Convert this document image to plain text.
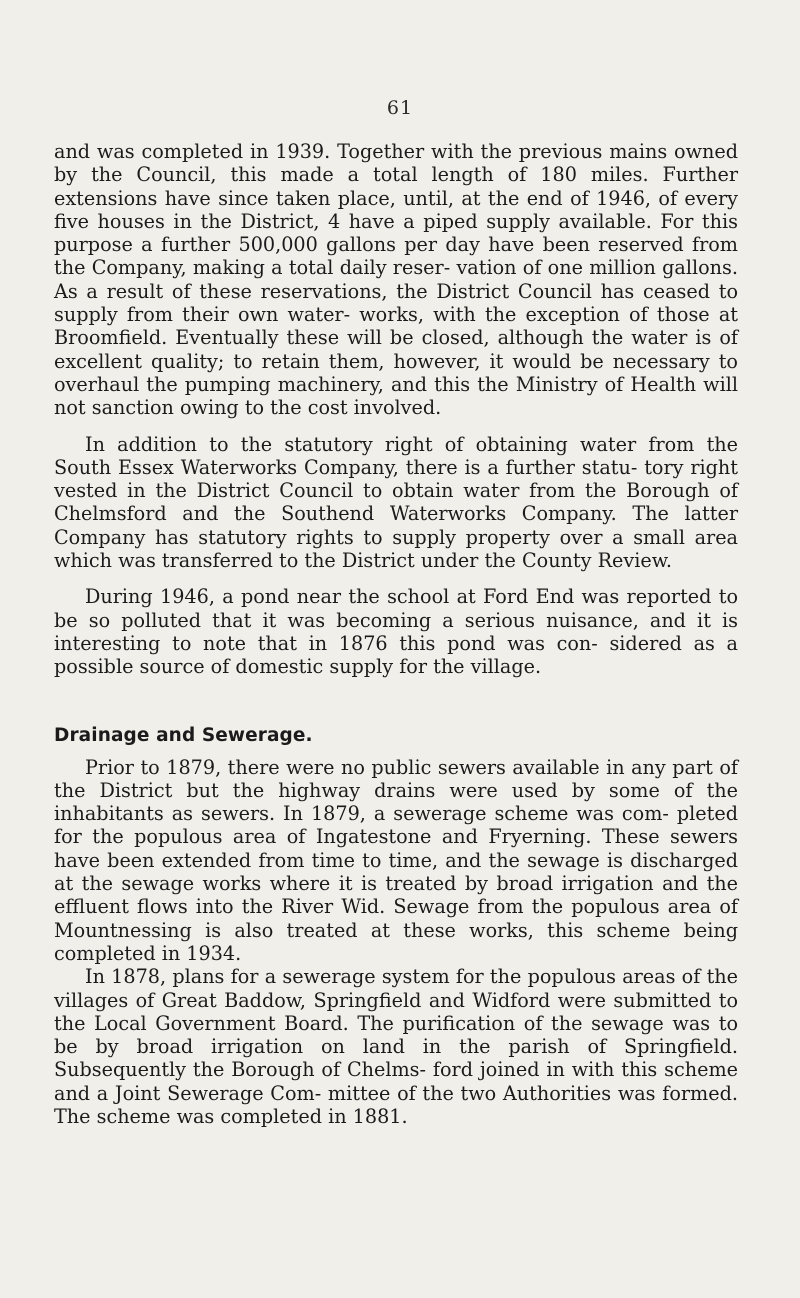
61

and was completed in 1939. Together with the previous mains owned by the Council, this made a total length of 180 miles. Further extensions have since taken place, until, at the end of 1946, of every five houses in the District, 4 have a piped supply available. For this purpose a further 500,000 gallons per day have been reserved from the Company, making a total daily reser- vation of one million gallons. As a result of these reservations, the District Council has ceased to supply from their own water- works, with the exception of those at Broomfield. Eventually these will be closed, although the water is of excellent quality; to retain them, however, it would be necessary to overhaul the pumping machinery, and this the Ministry of Health will not sanction owing to the cost involved.

In addition to the statutory right of obtaining water from the South Essex Waterworks Company, there is a further statu- tory right vested in the District Council to obtain water from the Borough of Chelmsford and the Southend Waterworks Company. The latter Company has statutory rights to supply property over a small area which was transferred to the District under the County Review.

During 1946, a pond near the school at Ford End was reported to be so polluted that it was becoming a serious nuisance, and it is interesting to note that in 1876 this pond was con- sidered as a possible source of domestic supply for the village.

Drainage and Sewerage.

Prior to 1879, there were no public sewers available in any part of the District but the highway drains were used by some of the inhabitants as sewers. In 1879, a sewerage scheme was com- pleted for the populous area of Ingatestone and Fryerning. These sewers have been extended from time to time, and the sewage is discharged at the sewage works where it is treated by broad irrigation and the effluent flows into the River Wid. Sewage from the populous area of Mountnessing is also treated at these works, this scheme being completed in 1934.

In 1878, plans for a sewerage system for the populous areas of the villages of Great Baddow, Springfield and Widford were submitted to the Local Government Board. The purification of the sewage was to be by broad irrigation on land in the parish of Springfield. Subsequently the Borough of Chelms- ford joined in with this scheme and a Joint Sewerage Com- mittee of the two Authorities was formed. The scheme was completed in 1881.
